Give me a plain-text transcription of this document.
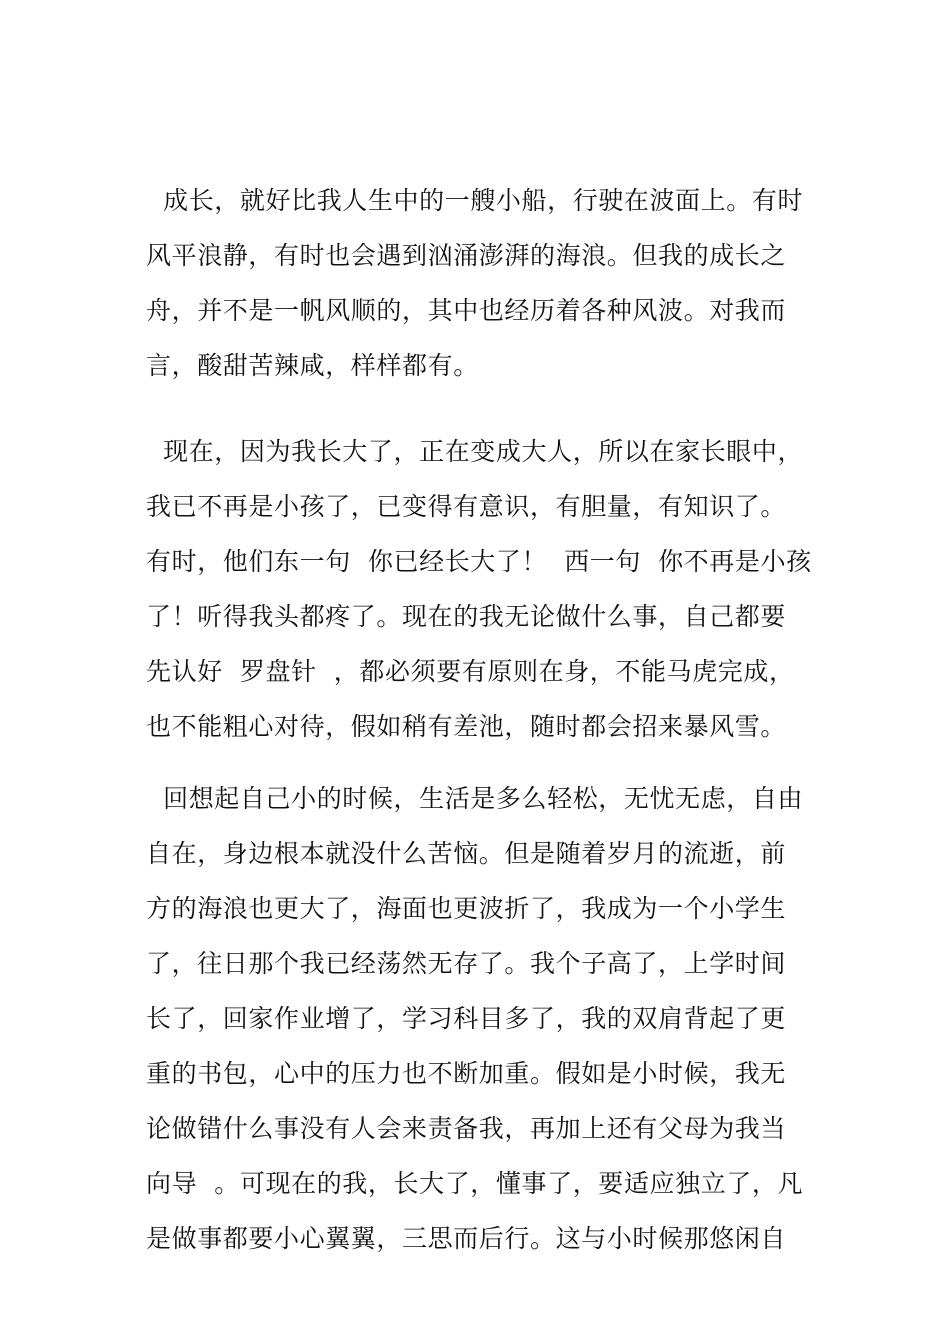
成长，就好比我人生中的一艘小船，行驶在波面上。有时
风平浪静，有时也会遇到汹涌澎湃的海浪。但我的成长之
舟，并不是一帆风顺的，其中也经历着各种风波。对我而
言，酸甜苦辣咸，样样都有。
现在，因为我长大了，正在变成大人，所以在家长眼中，
我已不再是小孩了，已变得有意识，有胆量，有知识了。
有时，他们东一句  你已经长大了！  西一句  你不再是小孩
了！听得我头都疼了。现在的我无论做什么事，自己都要
先认好  罗盘针  ，都必须要有原则在身，不能马虎完成，
也不能粗心对待，假如稍有差池，随时都会招来暴风雪。
回想起自己小的时候，生活是多么轻松，无忧无虑，自由
自在，身边根本就没什么苦恼。但是随着岁月的流逝，前
方的海浪也更大了，海面也更波折了，我成为一个小学生
了，往日那个我已经荡然无存了。我个子高了，上学时间
长了，回家作业增了，学习科目多了，我的双肩背起了更
重的书包，心中的压力也不断加重。假如是小时候，我无
论做错什么事没有人会来责备我，再加上还有父母为我当
向导  。可现在的我，长大了，懂事了，要适应独立了，凡
是做事都要小心翼翼，三思而后行。这与小时候那悠闲自
